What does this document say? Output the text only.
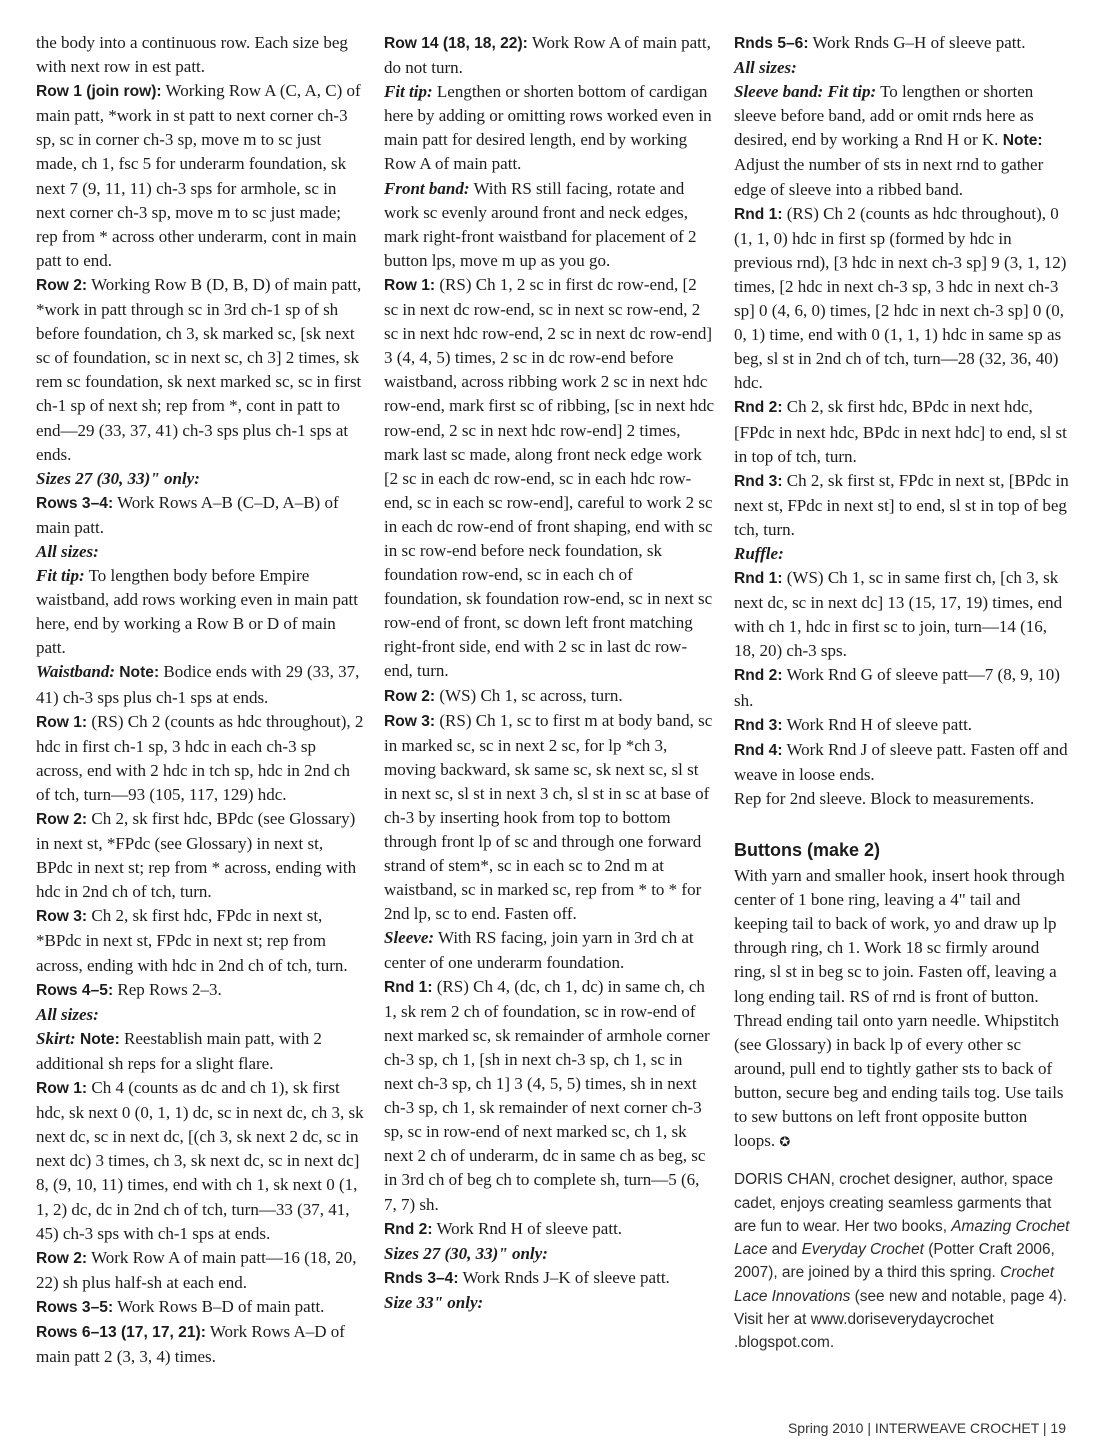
the body into a continuous row. Each size beg with next row in est patt.

Row 1 (join row): Working Row A (C, A, C) of main patt, *work in st patt to next corner ch-3 sp, sc in corner ch-3 sp, move m to sc just made, ch 1, fsc 5 for underarm foundation, sk next 7 (9, 11, 11) ch-3 sps for armhole, sc in next corner ch-3 sp, move m to sc just made; rep from * across other underarm, cont in main patt to end.

Row 2: Working Row B (D, B, D) of main patt, *work in patt through sc in 3rd ch-1 sp of sh before foundation, ch 3, sk marked sc, [sk next sc of foundation, sc in next sc, ch 3] 2 times, sk rem sc foundation, sk next marked sc, sc in first ch-1 sp of next sh; rep from *, cont in patt to end—29 (33, 37, 41) ch-3 sps plus ch-1 sps at ends.

Sizes 27 (30, 33)" only:

Rows 3–4: Work Rows A–B (C–D, A–B) of main patt.

All sizes:

Fit tip: To lengthen body before Empire waistband, add rows working even in main patt here, end by working a Row B or D of main patt.

Waistband: Note: Bodice ends with 29 (33, 37, 41) ch-3 sps plus ch-1 sps at ends.

Row 1: (RS) Ch 2 (counts as hdc throughout), 2 hdc in first ch-1 sp, 3 hdc in each ch-3 sp across, end with 2 hdc in tch sp, hdc in 2nd ch of tch, turn—93 (105, 117, 129) hdc.

Row 2: Ch 2, sk first hdc, BPdc (see Glossary) in next st, *FPdc (see Glossary) in next st, BPdc in next st; rep from * across, ending with hdc in 2nd ch of tch, turn.

Row 3: Ch 2, sk first hdc, FPdc in next st, *BPdc in next st, FPdc in next st; rep from across, ending with hdc in 2nd ch of tch, turn.

Rows 4–5: Rep Rows 2–3.

All sizes:

Skirt: Note: Reestablish main patt, with 2 additional sh reps for a slight flare.

Row 1: Ch 4 (counts as dc and ch 1), sk first hdc, sk next 0 (0, 1, 1) dc, sc in next dc, ch 3, sk next dc, sc in next dc, [(ch 3, sk next 2 dc, sc in next dc) 3 times, ch 3, sk next dc, sc in next dc] 8, (9, 10, 11) times, end with ch 1, sk next 0 (1, 1, 2) dc, dc in 2nd ch of tch, turn—33 (37, 41, 45) ch-3 sps with ch-1 sps at ends.

Row 2: Work Row A of main patt—16 (18, 20, 22) sh plus half-sh at each end.

Rows 3–5: Work Rows B–D of main patt.

Rows 6–13 (17, 17, 21): Work Rows A–D of main patt 2 (3, 3, 4) times.

Row 14 (18, 18, 22): Work Row A of main patt, do not turn.

Fit tip: Lengthen or shorten bottom of cardigan here by adding or omitting rows worked even in main patt for desired length, end by working Row A of main patt.

Front band: With RS still facing, rotate and work sc evenly around front and neck edges, mark right-front waistband for placement of 2 button lps, move m up as you go.

Row 1: (RS) Ch 1, 2 sc in first dc row-end, [2 sc in next dc row-end, sc in next sc row-end, 2 sc in next hdc row-end, 2 sc in next dc row-end] 3 (4, 4, 5) times, 2 sc in dc row-end before waistband, across ribbing work 2 sc in next hdc row-end, mark first sc of ribbing, [sc in next hdc row-end, 2 sc in next hdc row-end] 2 times, mark last sc made, along front neck edge work [2 sc in each dc row-end, sc in each hdc row-end, sc in each sc row-end], careful to work 2 sc in each dc row-end of front shaping, end with sc in sc row-end before neck foundation, sk foundation row-end, sc in each ch of foundation, sk foundation row-end, sc in next sc row-end of front, sc down left front matching right-front side, end with 2 sc in last dc row-end, turn.

Row 2: (WS) Ch 1, sc across, turn.

Row 3: (RS) Ch 1, sc to first m at body band, sc in marked sc, sc in next 2 sc, for lp *ch 3, moving backward, sk same sc, sk next sc, sl st in next sc, sl st in next 3 ch, sl st in sc at base of ch-3 by inserting hook from top to bottom through front lp of sc and through one forward strand of stem*, sc in each sc to 2nd m at waistband, sc in marked sc, rep from * to * for 2nd lp, sc to end. Fasten off.

Sleeve: With RS facing, join yarn in 3rd ch at center of one underarm foundation.

Rnd 1: (RS) Ch 4, (dc, ch 1, dc) in same ch, ch 1, sk rem 2 ch of foundation, sc in row-end of next marked sc, sk remainder of armhole corner ch-3 sp, ch 1, [sh in next ch-3 sp, ch 1, sc in next ch-3 sp, ch 1] 3 (4, 5, 5) times, sh in next ch-3 sp, ch 1, sk remainder of next corner ch-3 sp, sc in row-end of next marked sc, ch 1, sk next 2 ch of underarm, dc in same ch as beg, sc in 3rd ch of beg ch to complete sh, turn—5 (6, 7, 7) sh.

Rnd 2: Work Rnd H of sleeve patt.

Sizes 27 (30, 33)" only:

Rnds 3–4: Work Rnds J–K of sleeve patt.

Size 33" only:

Rnds 5–6: Work Rnds G–H of sleeve patt.

All sizes:

Sleeve band: Fit tip: To lengthen or shorten sleeve before band, add or omit rnds here as desired, end by working a Rnd H or K. Note: Adjust the number of sts in next rnd to gather edge of sleeve into a ribbed band.

Rnd 1: (RS) Ch 2 (counts as hdc throughout), 0 (1, 1, 0) hdc in first sp (formed by hdc in previous rnd), [3 hdc in next ch-3 sp] 9 (3, 1, 12) times, [2 hdc in next ch-3 sp, 3 hdc in next ch-3 sp] 0 (4, 6, 0) times, [2 hdc in next ch-3 sp] 0 (0, 0, 1) time, end with 0 (1, 1, 1) hdc in same sp as beg, sl st in 2nd ch of tch, turn—28 (32, 36, 40) hdc.

Rnd 2: Ch 2, sk first hdc, BPdc in next hdc, [FPdc in next hdc, BPdc in next hdc] to end, sl st in top of tch, turn.

Rnd 3: Ch 2, sk first st, FPdc in next st, [BPdc in next st, FPdc in next st] to end, sl st in top of beg tch, turn.

Ruffle:

Rnd 1: (WS) Ch 1, sc in same first ch, [ch 3, sk next dc, sc in next dc] 13 (15, 17, 19) times, end with ch 1, hdc in first sc to join, turn—14 (16, 18, 20) ch-3 sps.

Rnd 2: Work Rnd G of sleeve patt—7 (8, 9, 10) sh.

Rnd 3: Work Rnd H of sleeve patt.

Rnd 4: Work Rnd J of sleeve patt. Fasten off and weave in loose ends.

Rep for 2nd sleeve. Block to measurements.

Buttons (make 2)

With yarn and smaller hook, insert hook through center of 1 bone ring, leaving a 4" tail and keeping tail to back of work, yo and draw up lp through ring, ch 1. Work 18 sc firmly around ring, sl st in beg sc to join. Fasten off, leaving a long ending tail. RS of rnd is front of button. Thread ending tail onto yarn needle. Whipstitch (see Glossary) in back lp of every other sc around, pull end to tightly gather sts to back of button, secure beg and ending tails tog. Use tails to sew buttons on left front opposite button loops. ✪

DORIS CHAN, crochet designer, author, space cadet, enjoys creating seamless garments that are fun to wear. Her two books, Amazing Crochet Lace and Everyday Crochet (Potter Craft 2006, 2007), are joined by a third this spring. Crochet Lace Innovations (see new and notable, page 4). Visit her at www.doriseverydaycrochet .blogspot.com.
Spring 2010 | INTERWEAVE CROCHET | 19
